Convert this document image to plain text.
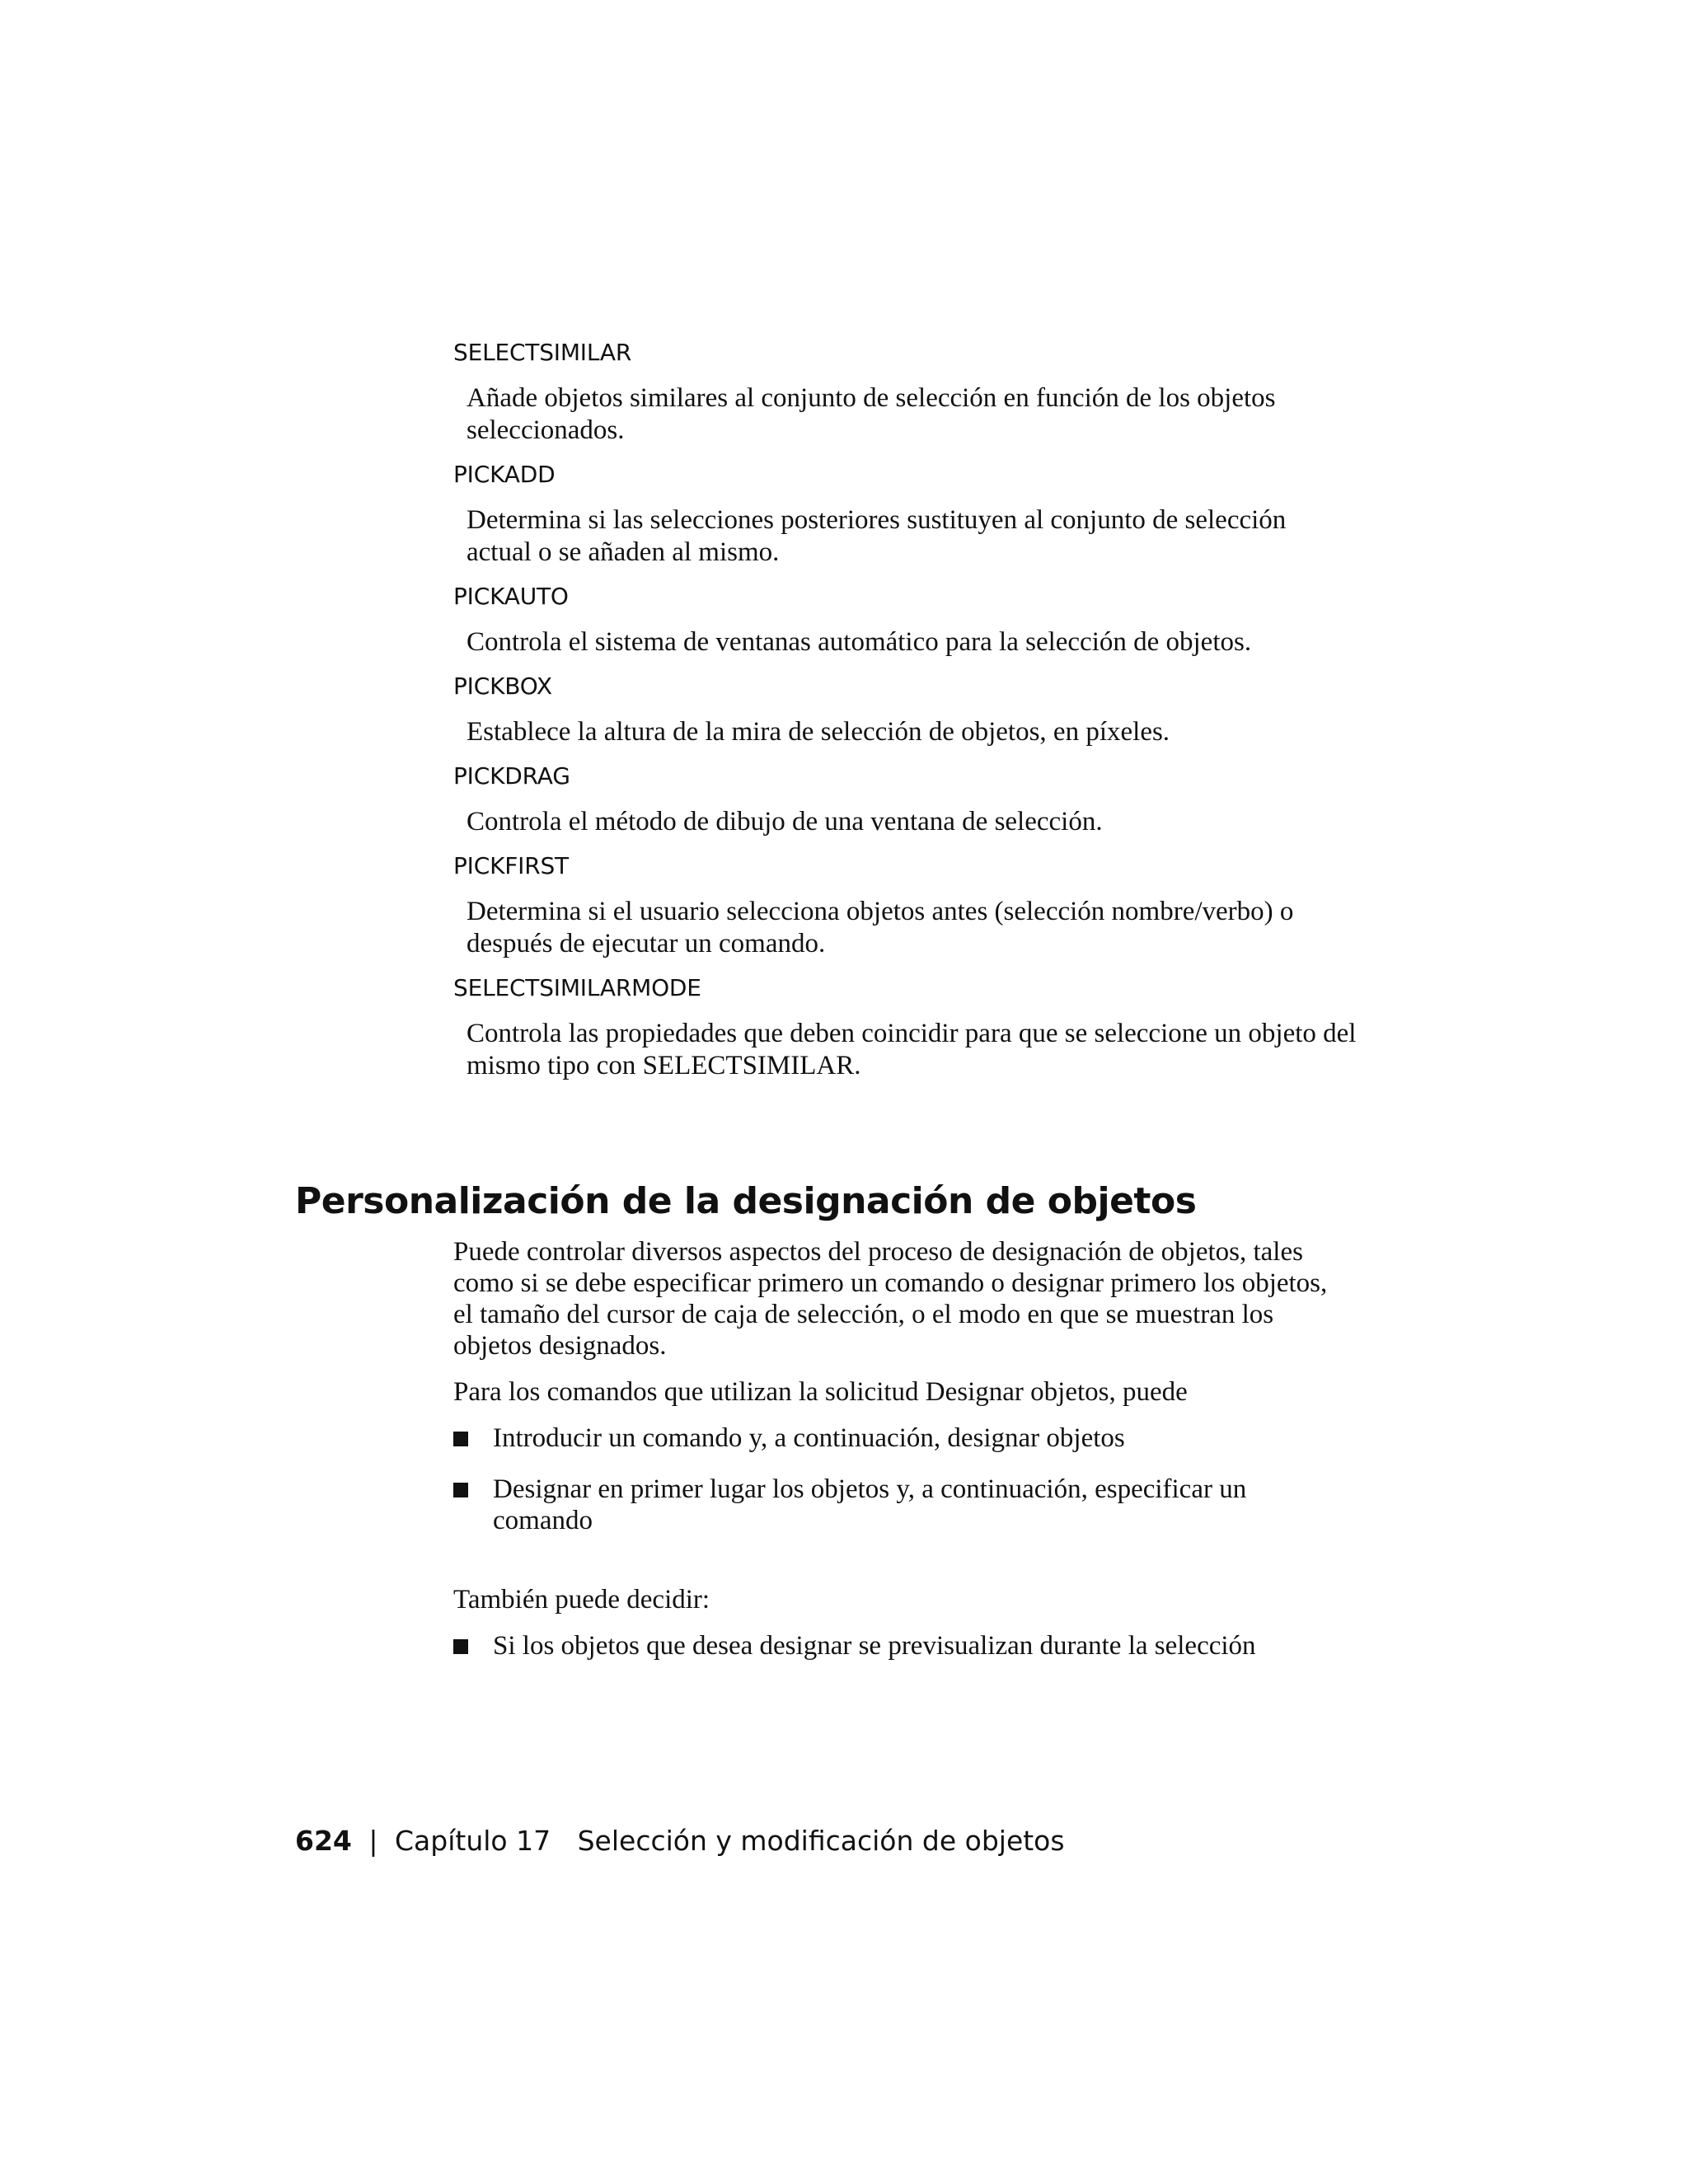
SELECTSIMILAR

Añade objetos similares al conjunto de selección en función de los objetos seleccionados.

PICKADD

Determina si las selecciones posteriores sustituyen al conjunto de selección actual o se añaden al mismo.

PICKAUTO

Controla el sistema de ventanas automático para la selección de objetos.

PICKBOX

Establece la altura de la mira de selección de objetos, en píxeles.

PICKDRAG

Controla el método de dibujo de una ventana de selección.

PICKFIRST

Determina si el usuario selecciona objetos antes (selección nombre/verbo) o después de ejecutar un comando.

SELECTSIMILARMODE

Controla las propiedades que deben coincidir para que se seleccione un objeto del mismo tipo con SELECTSIMILAR.

Personalización de la designación de objetos

Puede controlar diversos aspectos del proceso de designación de objetos, tales como si se debe especificar primero un comando o designar primero los objetos, el tamaño del cursor de caja de selección, o el modo en que se muestran los objetos designados.

Para los comandos que utilizan la solicitud Designar objetos, puede

Introducir un comando y, a continuación, designar objetos
Designar en primer lugar los objetos y, a continuación, especificar un comando

También puede decidir:

Si los objetos que desea designar se previsualizan durante la selección
624 | Capítulo 17 Selección y modificación de objetos
